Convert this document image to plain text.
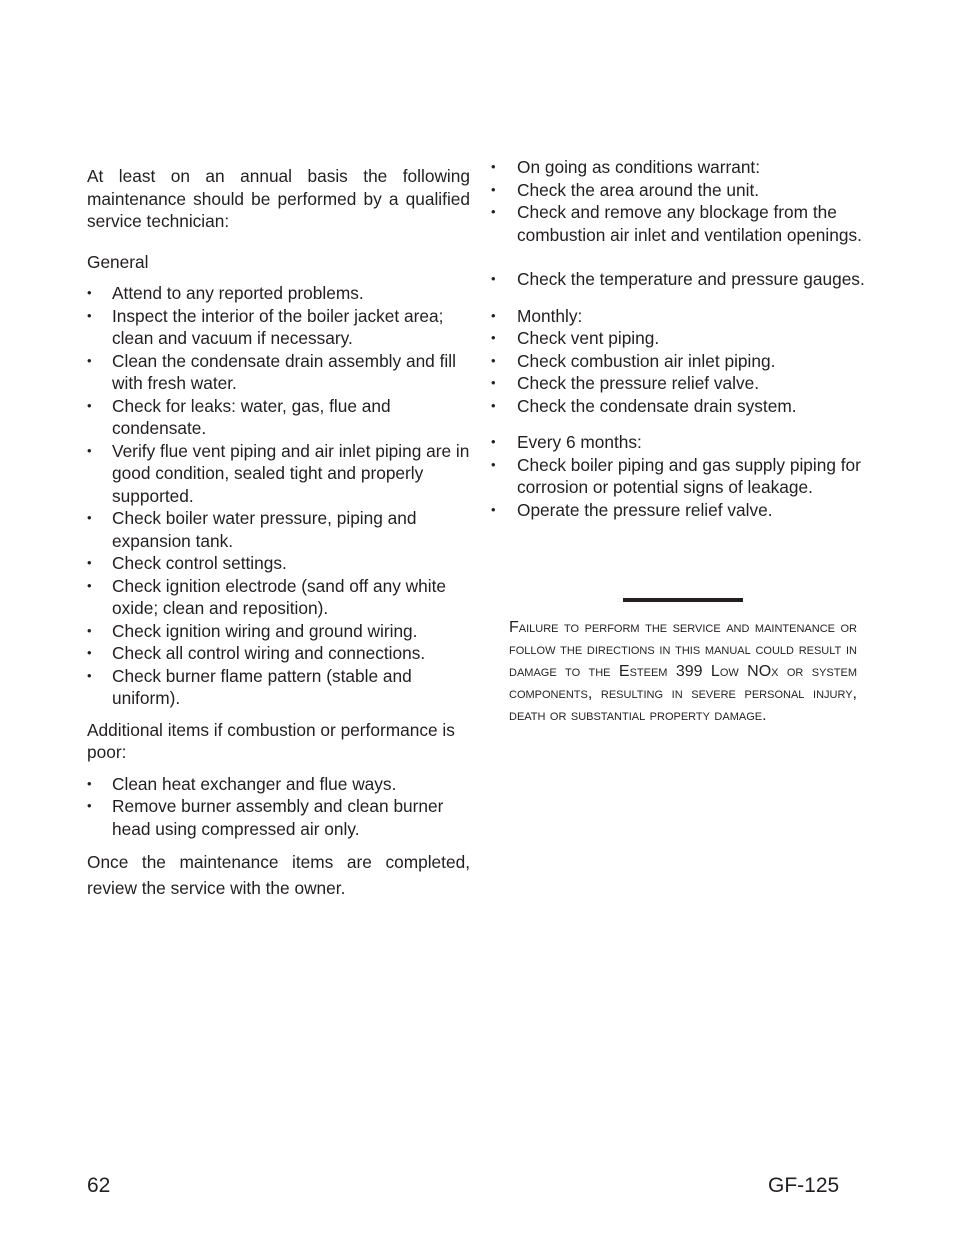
At least on an annual basis the following maintenance should be performed by a qualified service technician:

General

• Attend to any reported problems.
• Inspect the interior of the boiler jacket area; clean and vacuum if necessary.
• Clean the condensate drain assembly and fill with fresh water.
• Check for leaks: water, gas, flue and condensate.
• Verify flue vent piping and air inlet piping are in good condition, sealed tight and properly supported.
• Check boiler water pressure, piping and expansion tank.
• Check control settings.
• Check ignition electrode (sand off any white oxide; clean and reposition).
• Check ignition wiring and ground wiring.
• Check all control wiring and connections.
• Check burner flame pattern (stable and uniform).

Additional items if combustion or performance is poor:

• Clean heat exchanger and flue ways.
• Remove burner assembly and clean burner head using compressed air only.

Once the maintenance items are completed, review the service with the owner.

• On going as conditions warrant:
• Check the area around the unit.
• Check and remove any blockage from the combustion air inlet and ventilation openings.
• Check the temperature and pressure gauges.
• Monthly:
• Check vent piping.
• Check combustion air inlet piping.
• Check the pressure relief valve.
• Check the condensate drain system.
• Every 6 months:
• Check boiler piping and gas supply piping for corrosion or potential signs of leakage.
• Operate the pressure relief valve.

Failure to perform the service and maintenance or follow the directions in this manual could result in damage to the Esteem 399 Low NOx or system components, resulting in severe personal injury, death or substantial property damage.

62	GF-125
